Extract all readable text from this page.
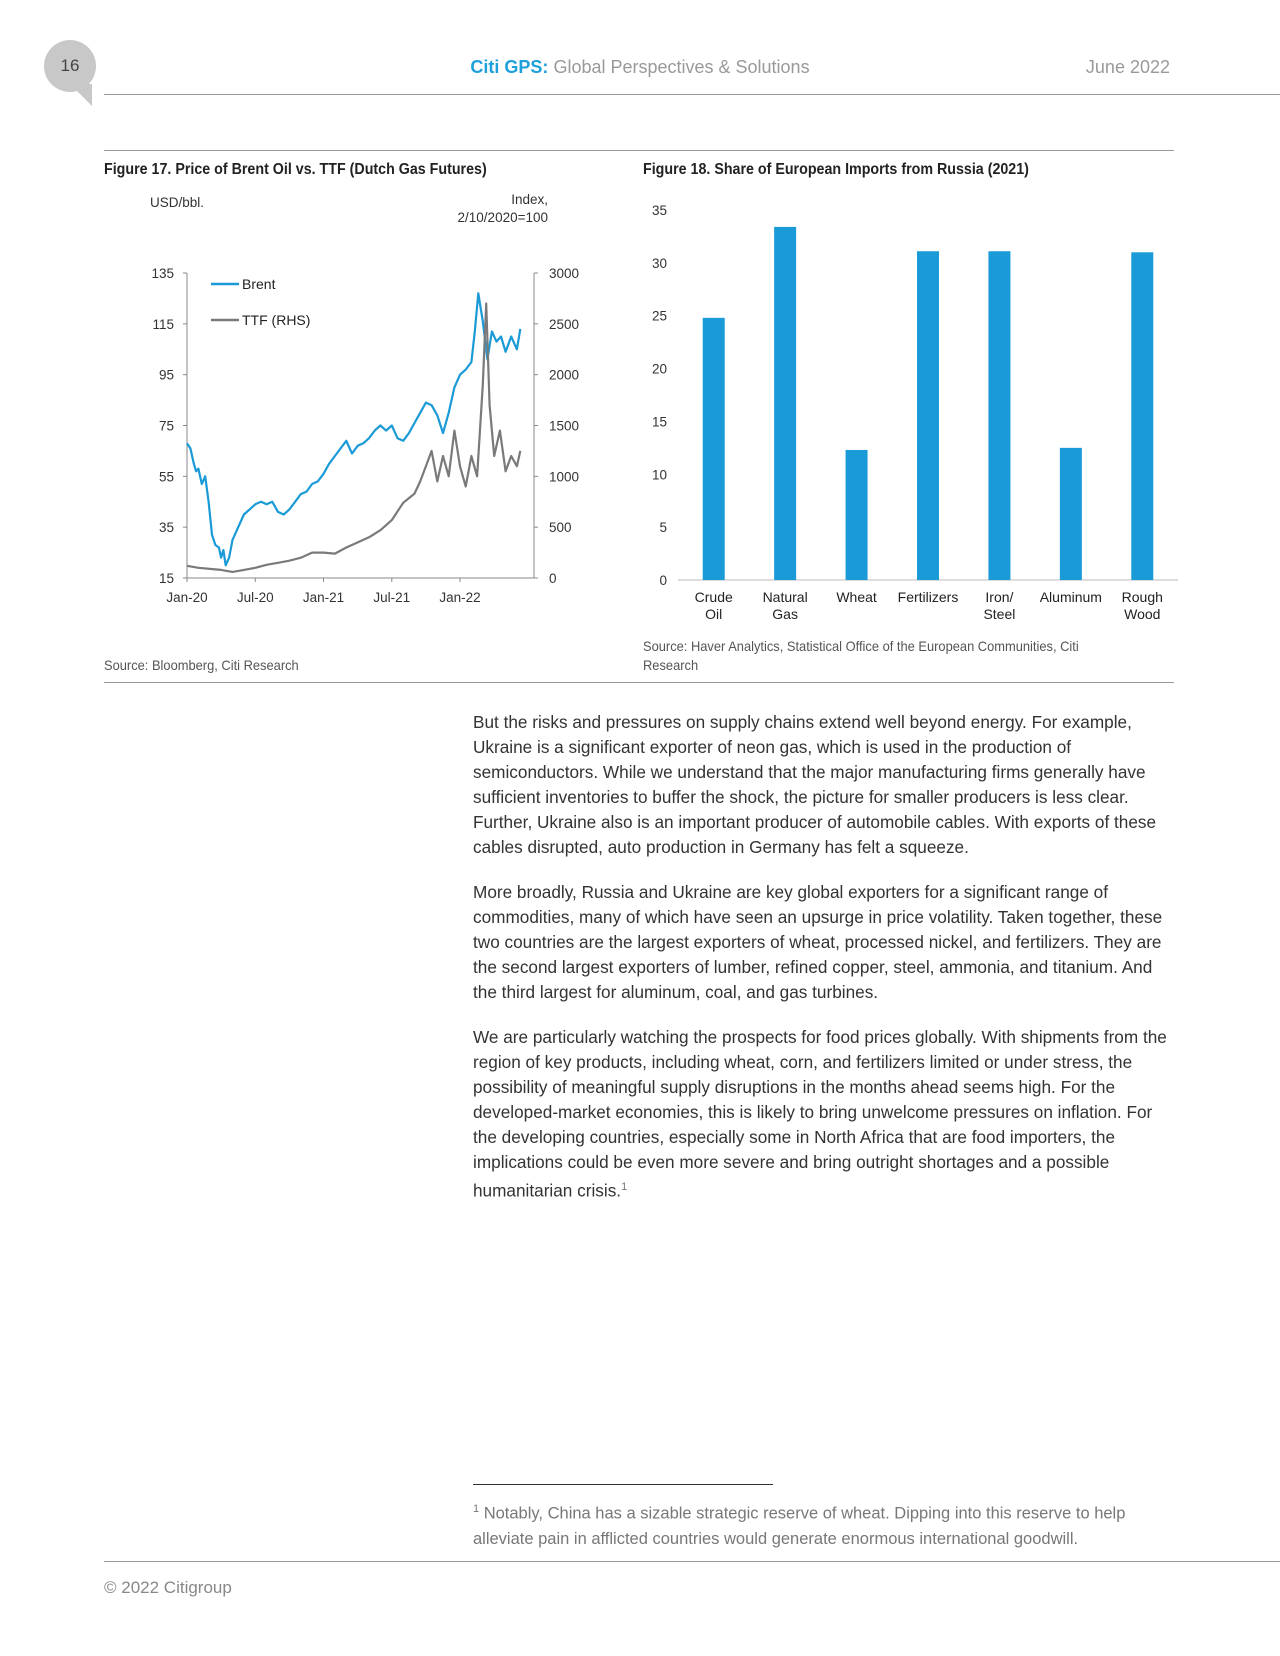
16	Citi GPS: Global Perspectives & Solutions	June 2022
Figure 17. Price of Brent Oil vs. TTF (Dutch Gas Futures)	Figure 18. Share of European Imports from Russia (2021)
USD/bbl.	Index,
2/10/2020=100
15
35
55
75
95
115
135
0
500
1000
1500
2000
2500
3000
Jan-20 Jul-20 Jan-21 Jul-21 Jan-22
Brent
TTF (RHS)
0
5
10
15
20
25
30
35
Crude
Oil
Natural
Gas
Wheat Fertilizers Iron/
Steel
Aluminum Rough
Wood
Source: Bloomberg, Citi Research
Source: Haver Analytics, Statistical Office of the European Communities, Citi Research

But the risks and pressures on supply chains extend well beyond energy. For example, Ukraine is a significant exporter of neon gas, which is used in the production of semiconductors. While we understand that the major manufacturing firms generally have sufficient inventories to buffer the shock, the picture for smaller producers is less clear. Further, Ukraine also is an important producer of automobile cables. With exports of these cables disrupted, auto production in Germany has felt a squeeze.

More broadly, Russia and Ukraine are key global exporters for a significant range of commodities, many of which have seen an upsurge in price volatility. Taken together, these two countries are the largest exporters of wheat, processed nickel, and fertilizers. They are the second largest exporters of lumber, refined copper, steel, ammonia, and titanium. And the third largest for aluminum, coal, and gas turbines.

We are particularly watching the prospects for food prices globally. With shipments from the region of key products, including wheat, corn, and fertilizers limited or under stress, the possibility of meaningful supply disruptions in the months ahead seems high. For the developed-market economies, this is likely to bring unwelcome pressures on inflation. For the developing countries, especially some in North Africa that are food importers, the implications could be even more severe and bring outright shortages and a possible humanitarian crisis.$^1$

$^1$ Notably, China has a sizable strategic reserve of wheat. Dipping into this reserve to help alleviate pain in afflicted countries would generate enormous international goodwill.
© 2022 Citigroup
